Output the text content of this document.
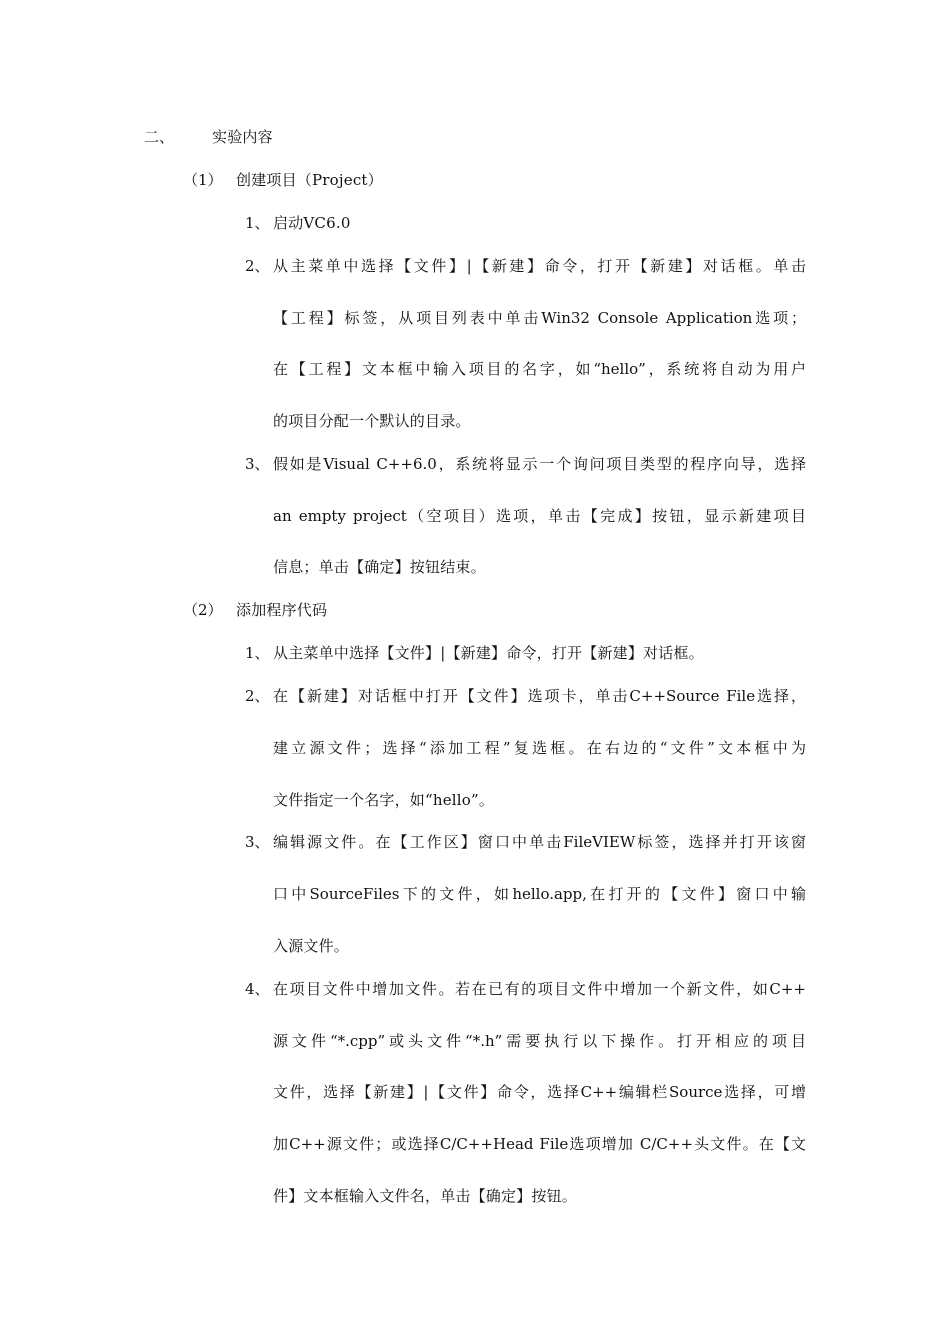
二、	实验内容
（1） 创建项目（Project）
1、 启动VC6.0
2、 从主菜单中选择【文件】|【新建】命令，打开【新建】对话框。单击
【工程】标签，从项目列表中单击Win32 Console Application选项；
在【工程】文本框中输入项目的名字，如“hello”，系统将自动为用户
的项目分配一个默认的目录。
3、 假如是Visual C++6.0，系统将显示一个询问项目类型的程序向导，选择
an empty project（空项目）选项，单击【完成】按钮，显示新建项目
信息；单击【确定】按钮结束。
（2） 添加程序代码
1、 从主菜单中选择【文件】|【新建】命令，打开【新建】对话框。
2、 在【新建】对话框中打开【文件】选项卡，单击C++Source File选择，
建立源文件；选择“添加工程”复选框。在右边的“文件”文本框中为
文件指定一个名字，如“hello”。
3、 编辑源文件。在【工作区】窗口中单击FileVIEW标签，选择并打开该窗
口中SourceFiles下的文件，如hello.app,在打开的【文件】窗口中输
入源文件。
4、 在项目文件中增加文件。若在已有的项目文件中增加一个新文件，如C++
源文件“*.cpp”或头文件“*.h”需要执行以下操作。打开相应的项目
文件，选择【新建】|【文件】命令，选择C++编辑栏Source选择，可增
加C++源文件；或选择C/C++Head File选项增加 C/C++头文件。在【文
件】文本框输入文件名，单击【确定】按钮。
